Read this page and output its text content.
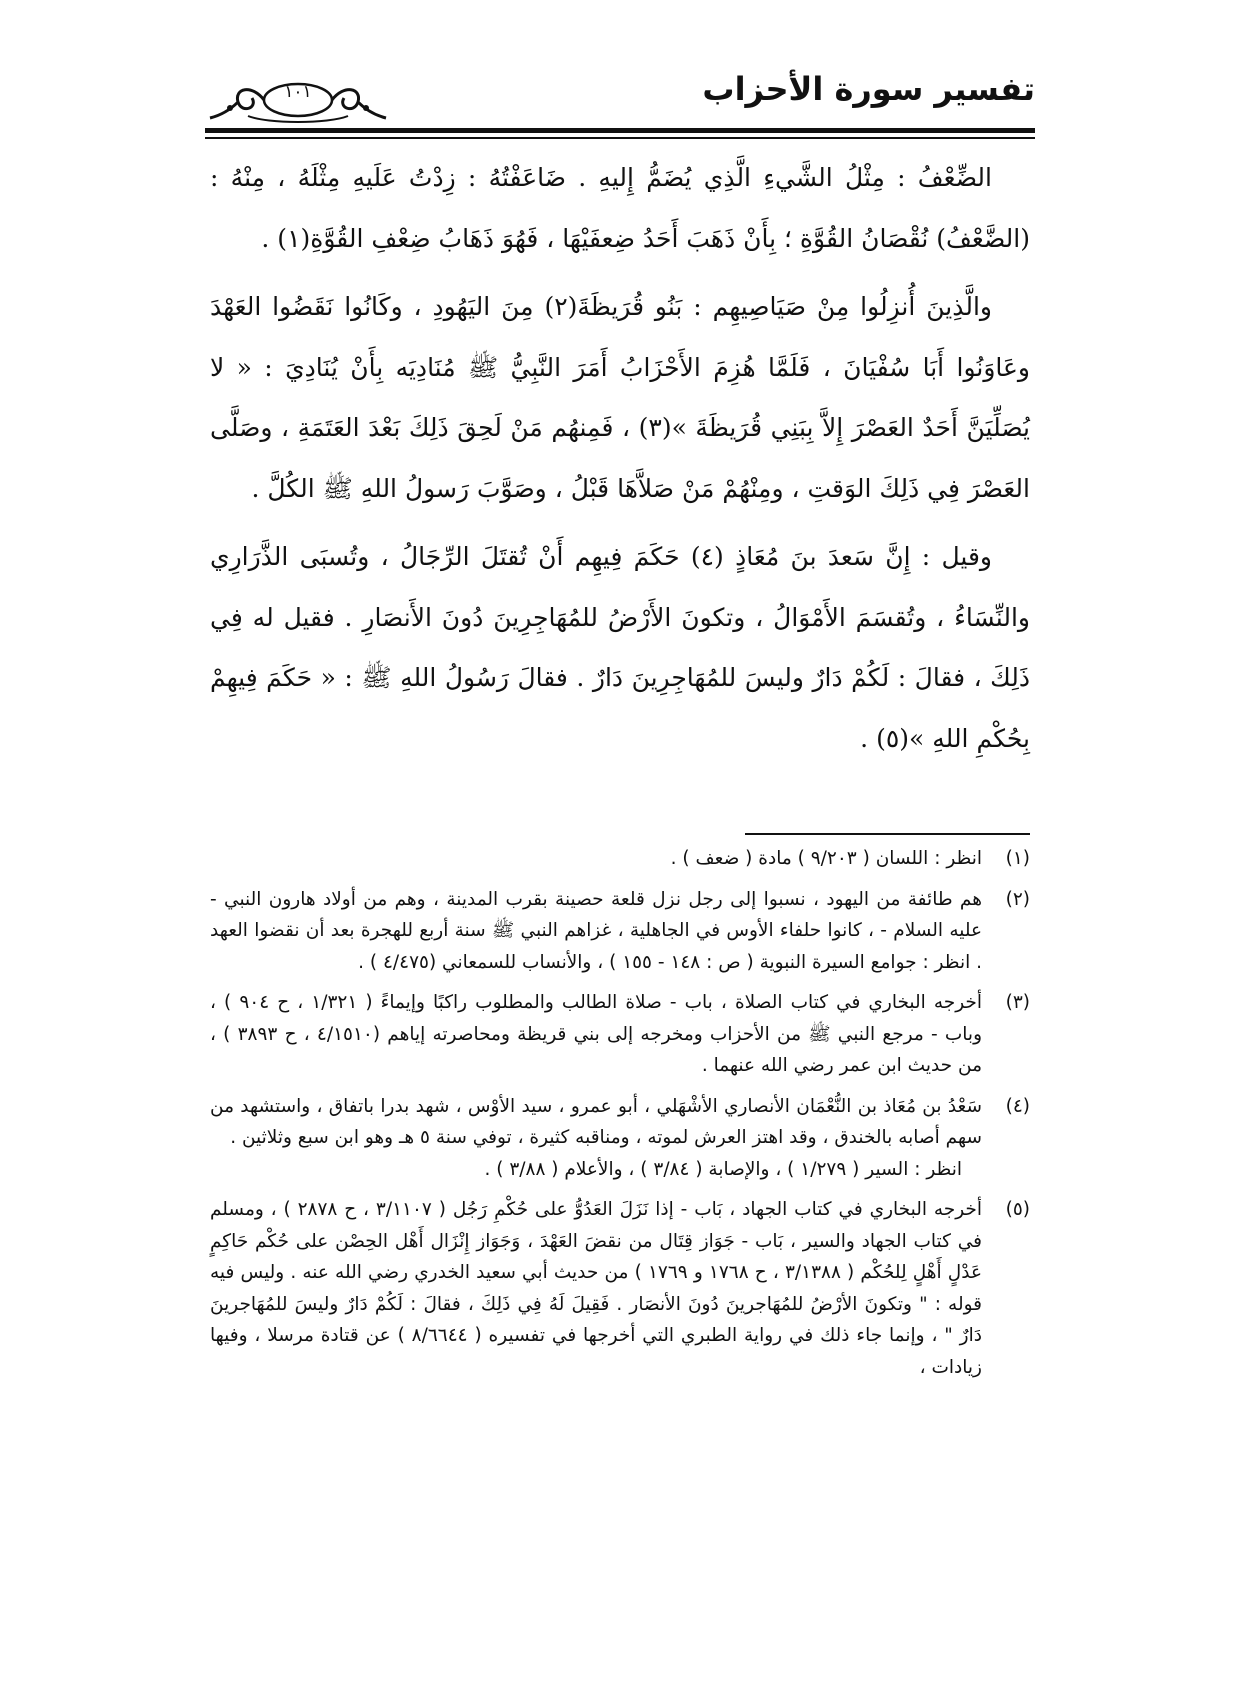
تفسير سورة الأحزاب
١٠١

الضِّعْفُ : مِثْلُ الشَّيءِ الَّذِي يُضَمُّ إِليهِ . ضَاعَفْتُهُ : زِدْتُ عَلَيهِ مِثْلَهُ ، مِنْهُ : (الضَّعْفُ) نُقْصَانُ القُوَّةِ ؛ بِأَنْ ذَهَبَ أَحَدُ ضِعفَيْهَا ، فَهُوَ ذَهَابُ ضِعْفِ القُوَّةِ(١) .

والَّذِينَ أُنزِلُوا مِنْ صَيَاصِيهِم : بَنُو قُرَيظَةَ(٢) مِنَ اليَهُودِ ، وكَانُوا نَقَضُوا العَهْدَ وعَاوَنُوا أَبَا سُفْيَانَ ، فَلَمَّا هُزِمَ الأَحْزَابُ أَمَرَ النَّبِيُّ ﷺ مُنَادِيَه بِأَنْ يُنَادِيَ : « لا يُصَلِّيَنَّ أَحَدٌ العَصْرَ إِلاَّ بِبَنِي قُرَيظَةَ »(٣) ، فَمِنهُم مَنْ لَحِقَ ذَلِكَ بَعْدَ العَتَمَةِ ، وصَلَّى العَصْرَ فِي ذَلِكَ الوَقتِ ، ومِنْهُمْ مَنْ صَلاَّهَا قَبْلُ ، وصَوَّبَ رَسولُ اللهِ ﷺ الكُلَّ .

وقيل : إِنَّ سَعدَ بنَ مُعَاذٍ (٤) حَكَمَ فِيهِم أَنْ تُقتَلَ الرِّجَالُ ، وتُسبَى الذَّرَارِي والنِّسَاءُ ، وتُقسَمَ الأَمْوَالُ ، وتكونَ الأَرْضُ للمُهَاجِرِينَ دُونَ الأَنصَارِ . فقيل له فِي ذَلِكَ ، فقالَ : لَكُمْ دَارٌ وليسَ للمُهَاجِرِينَ دَارٌ . فقالَ رَسُولُ اللهِ ﷺ : « حَكَمَ فِيهِمْ بِحُكْمِ اللهِ »(٥) .

(١)
انظر : اللسان ( ٩/٢٠٣ ) مادة ( ضعف ) .
(٢)
هم طائفة من اليهود ، نسبوا إلى رجل نزل قلعة حصينة بقرب المدينة ، وهم من أولاد هارون النبي - عليه السلام - ، كانوا حلفاء الأوس في الجاهلية ، غزاهم النبي ﷺ سنة أربع للهجرة بعد أن نقضوا العهد . انظر : جوامع السيرة النبوية ( ص : ١٤٨ - ١٥٥ ) ، والأنساب للسمعاني (٤/٤٧٥ ) .
(٣)
أخرجه البخاري في كتاب الصلاة ، باب - صلاة الطالب والمطلوب راكبًا وإيماءً ( ١/٣٢١ ، ح ٩٠٤ ) ، وباب - مرجع النبي ﷺ من الأحزاب ومخرجه إلى بني قريظة ومحاصرته إياهم (٤/١٥١٠ ، ح ٣٨٩٣ ) ، من حديث ابن عمر رضي الله عنهما .
(٤)
سَعْدُ بن مُعَاذ بن النُّعْمَان الأنصاري الأشْهَلي ، أبو عمرو ، سيد الأوْس ، شهد بدرا باتفاق ، واستشهد من سهم أصابه بالخندق ، وقد اهتز العرش لموته ، ومناقبه كثيرة ، توفي سنة ٥ هـ وهو ابن سبع وثلاثين .
انظر : السير ( ١/٢٧٩ ) ، والإصابة ( ٣/٨٤ ) ، والأعلام ( ٣/٨٨ ) .
(٥)
أخرجه البخاري في كتاب الجهاد ، بَاب - إذا نَزَلَ العَدُوُّ على حُكْمِ رَجُل ( ٣/١١٠٧ ، ح ٢٨٧٨ ) ، ومسلم في كتاب الجهاد والسير ، بَاب - جَوَاز قِتَال من نقضَ العَهْدَ ، وَجَوَاز إِنْزَال أَهْل الحِصْن على حُكْم حَاكِمٍ عَدْلٍ أَهْلٍ لِلحُكْم ( ٣/١٣٨٨ ، ح ١٧٦٨ و ١٧٦٩ ) من حديث أبي سعيد الخدري رضي الله عنه . وليس فيه قوله : " وتكونَ الأرْضُ للمُهَاجرينَ دُونَ الأنصَار . فَقِيلَ لَهُ فِي ذَلِكَ ، فقالَ : لَكُمْ دَارٌ وليسَ للمُهَاجرينَ دَارٌ " ، وإنما جاء ذلك في رواية الطبري التي أخرجها في تفسيره ( ٨/٦٦٤٤ ) عن قتادة مرسلا ، وفيها زيادات ،
